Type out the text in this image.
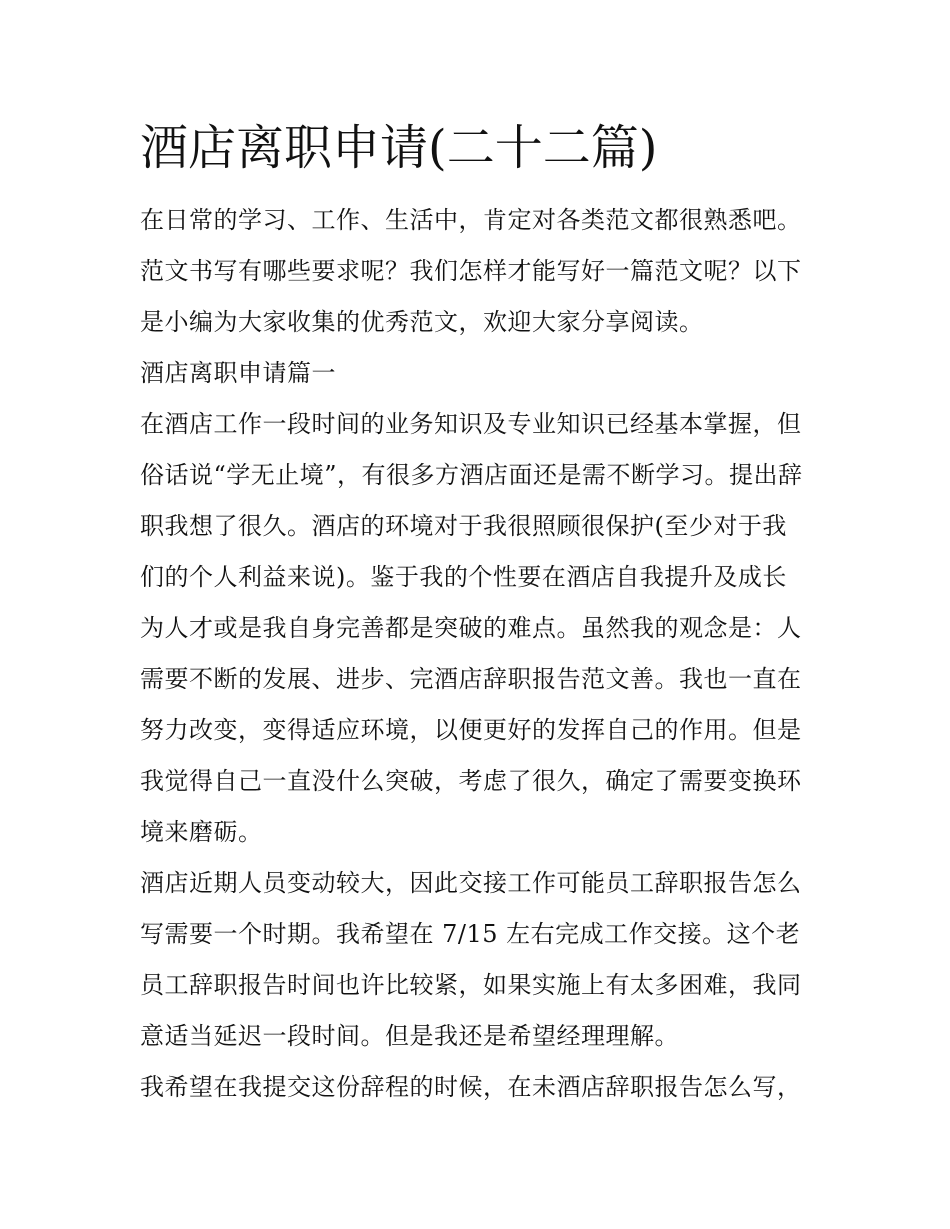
酒店离职申请(二十二篇)

在日常的学习、工作、生活中，肯定对各类范文都很熟悉吧。

范文书写有哪些要求呢？我们怎样才能写好一篇范文呢？以下

是小编为大家收集的优秀范文，欢迎大家分享阅读。

酒店离职申请篇一

在酒店工作一段时间的业务知识及专业知识已经基本掌握，但

俗话说“学无止境”，有很多方酒店面还是需不断学习。提出辞

职我想了很久。酒店的环境对于我很照顾很保护(至少对于我

们的个人利益来说)。鉴于我的个性要在酒店自我提升及成长

为人才或是我自身完善都是突破的难点。虽然我的观念是：人

需要不断的发展、进步、完酒店辞职报告范文善。我也一直在

努力改变，变得适应环境，以便更好的发挥自己的作用。但是

我觉得自己一直没什么突破，考虑了很久，确定了需要变换环

境来磨砺。

酒店近期人员变动较大，因此交接工作可能员工辞职报告怎么

写需要一个时期。我希望在 7/15 左右完成工作交接。这个老

员工辞职报告时间也许比较紧，如果实施上有太多困难，我同

意适当延迟一段时间。但是我还是希望经理理解。

我希望在我提交这份辞程的时候，在未酒店辞职报告怎么写，
